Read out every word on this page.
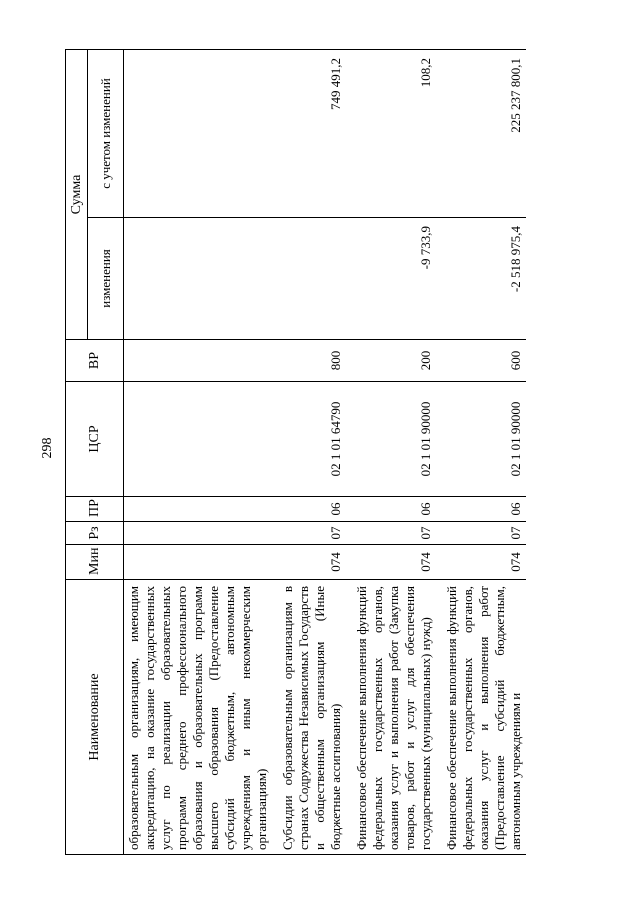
298
Наименование	Мин	Рз	ПР	ЦСР	ВР	Сумма	
						изменения	с учетом изменений
образовательным организациям, имеющим аккредитацию, на оказание государственных услуг по реализации образовательных программ среднего профессионального образования и образовательных программ высшего образования (Предоставление субсидий бюджетным, автономным учреждениям и иным некоммерческим организациям)							

Субсидии образовательным организациям в странах Содружества Независимых Государств и общественным организациям (Иные бюджетные ассигнования)	074	07	06	02 1 01 64790	800		749 491,2

Финансовое обеспечение выполнения функций федеральных государственных органов, оказания услуг и выполнения работ (Закупка товаров, работ и услуг для обеспечения государственных (муниципальных) нужд)	074	07	06	02 1 01 90000	200	-9 733,9	108,2

Финансовое обеспечение выполнения функций федеральных государственных органов, оказания услуг и выполнения работ (Предоставление субсидий бюджетным, автономным учреждениям и	074	07	06	02 1 01 90000	600	-2 518 975,4	225 237 800,1
